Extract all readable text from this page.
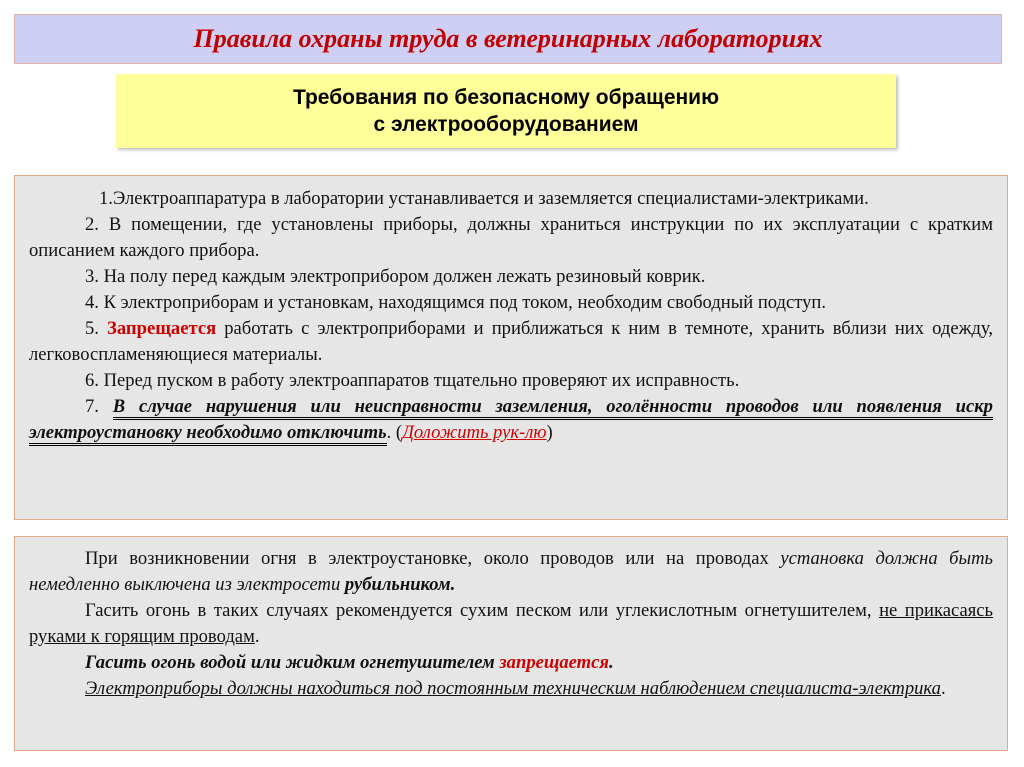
Правила охраны труда в ветеринарных лабораториях
Требования по безопасному обращению
с электрооборудованием

1.Электроаппаратура в лаборатории устанавливается и заземляется специалистами-электриками.

2. В помещении, где установлены приборы, должны храниться инструкции по их эксплуатации с кратким описанием каждого прибора.

3. На полу перед каждым электроприбором должен лежать резиновый коврик.

4. К электроприборам и установкам, находящимся под током, необходим свободный подступ.

5. Запрещается работать с электроприборами и приближаться к ним в темноте, хранить вблизи них одежду, легковоспламеняющиеся материалы.

6. Перед пуском в работу электроаппаратов тщательно проверяют их исправность.

7. В случае нарушения или неисправности заземления, оголённости проводов или появления искр электроустановку необходимо отключить. (Доложить рук-лю)

При возникновении огня в электроустановке, около проводов или на проводах установка должна быть немедленно выключена из электросети рубильником.

Гасить огонь в таких случаях рекомендуется сухим песком или углекислотным огнетушителем, не прикасаясь руками к горящим проводам.

Гасить огонь водой или жидким огнетушителем запрещается.

Электроприборы должны находиться под постоянным техническим наблюдением специалиста-электрика.
